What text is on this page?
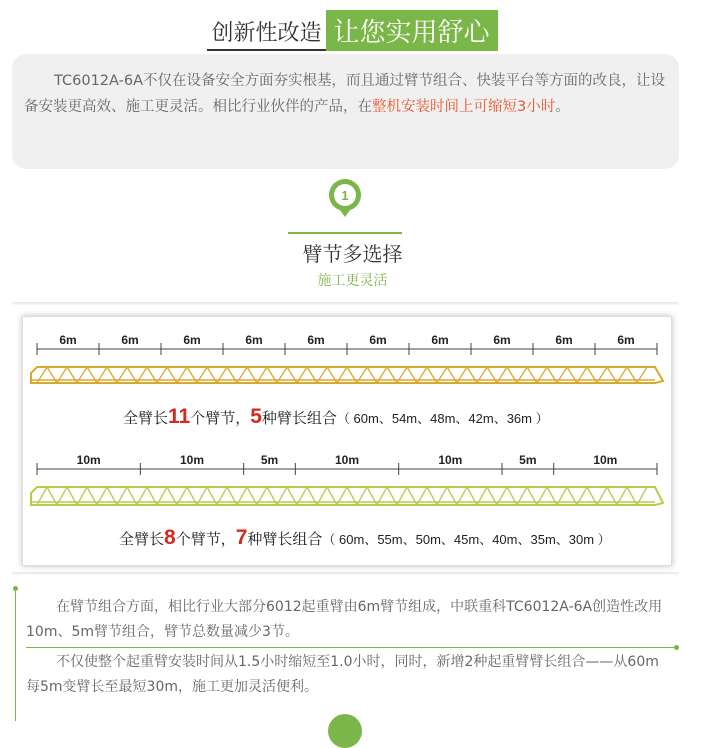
创新性改造 让您实用舒心
TC6012A-6A不仅在设备安全方面夯实根基，而且通过臂节组合、快装平台等方面的改良，让设备安装更高效、施工更灵活。相比行业伙伴的产品，在整机安装时间上可缩短3小时。
1
臂节多选择
施工更灵活
6m	6m	6m	6m	6m	6m	6m	6m	6m	6m
全臂长11个臂节，5种臂长组合（ 60m、54m、48m、42m、36m ）
10m	10m	5m	10m	10m	5m	10m
全臂长8个臂节，7种臂长组合（ 60m、55m、50m、45m、40m、35m、30m ）
在臂节组合方面，相比行业大部分6012起重臂由6m臂节组成，中联重科TC6012A-6A创造性改用10m、5m臂节组合，臂节总数量减少3节。
不仅使整个起重臂安装时间从1.5小时缩短至1.0小时，同时，新增2种起重臂臂长组合——从60m每5m变臂长至最短30m，施工更加灵活便利。
